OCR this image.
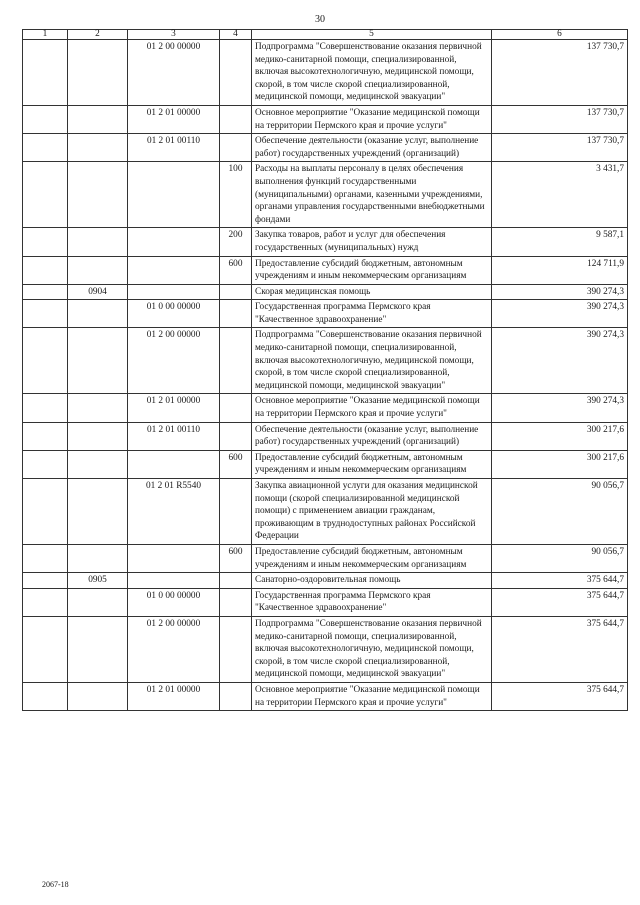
30
1	2	3	4	5	6
		01 2 00 00000		Подпрограмма "Совершенствование оказания первичной медико-санитарной помощи, специализированной, включая высокотехнологичную, медицинской помощи, скорой, в том числе скорой специализированной, медицинской помощи, медицинской эвакуации"	137 730,7
		01 2 01 00000		Основное мероприятие "Оказание медицинской помощи на территории Пермского края и прочие услуги"	137 730,7
		01 2 01 00110		Обеспечение деятельности (оказание услуг, выполнение работ) государственных учреждений (организаций)	137 730,7
			100	Расходы на выплаты персоналу в целях обеспечения выполнения функций государственными (муниципальными) органами, казенными учреждениями, органами управления государственными внебюджетными фондами	3 431,7
			200	Закупка товаров, работ и услуг для обеспечения государственных (муниципальных) нужд	9 587,1
			600	Предоставление субсидий бюджетным, автономным учреждениям и иным некоммерческим организациям	124 711,9
	0904			Скорая медицинская помощь	390 274,3
		01 0 00 00000		Государственная программа Пермского края "Качественное здравоохранение"	390 274,3
		01 2 00 00000		Подпрограмма "Совершенствование оказания первичной медико-санитарной помощи, специализированной, включая высокотехнологичную, медицинской помощи, скорой, в том числе скорой специализированной, медицинской помощи, медицинской эвакуации"	390 274,3
		01 2 01 00000		Основное мероприятие "Оказание медицинской помощи на территории Пермского края и прочие услуги"	390 274,3
		01 2 01 00110		Обеспечение деятельности (оказание услуг, выполнение работ) государственных учреждений (организаций)	300 217,6
			600	Предоставление субсидий бюджетным, автономным учреждениям и иным некоммерческим организациям	300 217,6
		01 2 01 R5540		Закупка авиационной услуги для оказания медицинской помощи (скорой специализированной медицинской помощи) с применением авиации гражданам, проживающим в труднодоступных районах Российской Федерации	90 056,7
			600	Предоставление субсидий бюджетным, автономным учреждениям и иным некоммерческим организациям	90 056,7
	0905			Санаторно-оздоровительная помощь	375 644,7
		01 0 00 00000		Государственная программа Пермского края "Качественное здравоохранение"	375 644,7
		01 2 00 00000		Подпрограмма "Совершенствование оказания первичной медико-санитарной помощи, специализированной, включая высокотехнологичную, медицинской помощи, скорой, в том числе скорой специализированной, медицинской помощи, медицинской эвакуации"	375 644,7
		01 2 01 00000		Основное мероприятие "Оказание медицинской помощи на территории Пермского края и прочие услуги"	375 644,7
2067-18
